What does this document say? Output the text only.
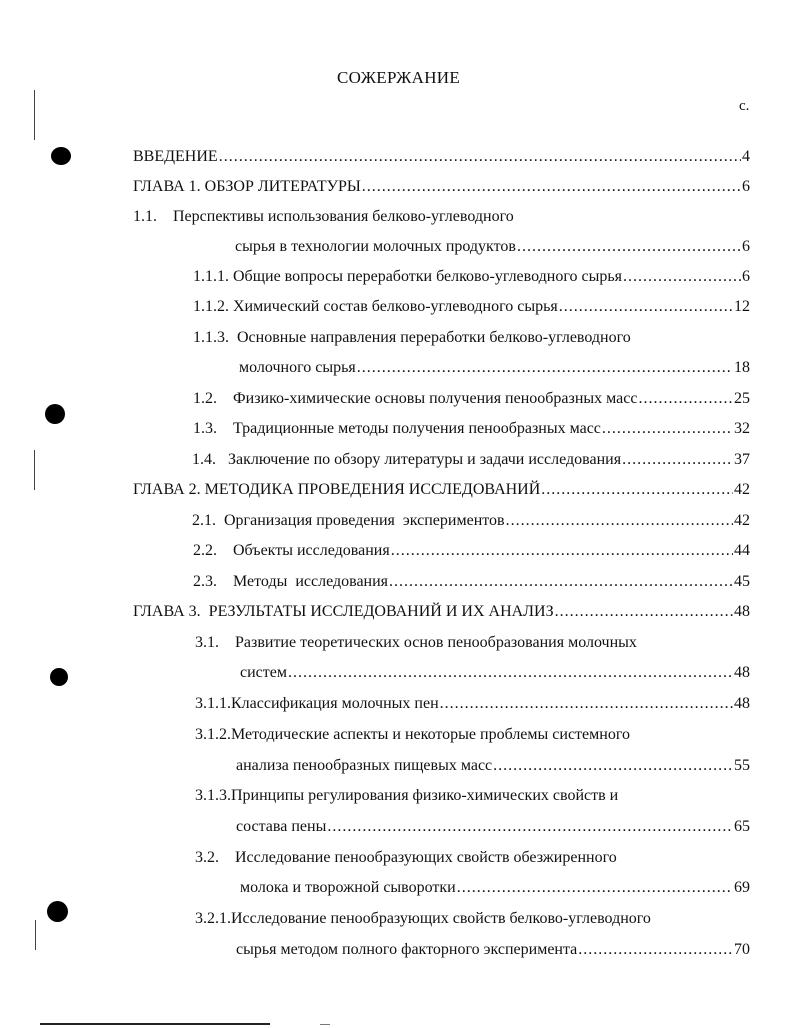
СОЖЕРЖАНИЕ
с.
ВВЕДЕНИЕ .....	4
ГЛАВА 1. ОБЗОР ЛИТЕРАТУРЫ .....	6
1.1.    Перспективы использования белково-углеводного
сырья в технологии молочных продуктов .....	6
1.1.1. Общие вопросы переработки белково-углеводного сырья .....	6
1.1.2. Химический состав белково-углеводного сырья .....	12
1.1.3.  Основные направления переработки белково-углеводного
молочного сырья .....	18
1.2.    Физико-химические основы получения пенообразных масс .....	25
1.3.    Традиционные методы получения пенообразных масс .....	32
1.4.   Заключение по обзору литературы и задачи исследования .....	37
ГЛАВА 2. МЕТОДИКА ПРОВЕДЕНИЯ ИССЛЕДОВАНИЙ .....	42
2.1.  Организация проведения  экспериментов .....	42
2.2.    Объекты исследования .....	44
2.3.    Методы  исследования .....	45
ГЛАВА 3.  РЕЗУЛЬТАТЫ ИССЛЕДОВАНИЙ И ИХ АНАЛИЗ .....	48
3.1.    Развитие теоретических основ пенообразования молочных
систем .....	48
3.1.1.Классификация молочных пен .....	48
3.1.2.Методические аспекты и некоторые проблемы системного
анализа пенообразных пищевых масс .....	55
3.1.3.Принципы регулирования физико-химических свойств и
состава пены .....	65
3.2.    Исследование пенообразующих свойств обезжиренного
молока и творожной сыворотки .....	69
3.2.1.Исследование пенообразующих свойств белково-углеводного
сырья методом полного факторного эксперимента .....	70
